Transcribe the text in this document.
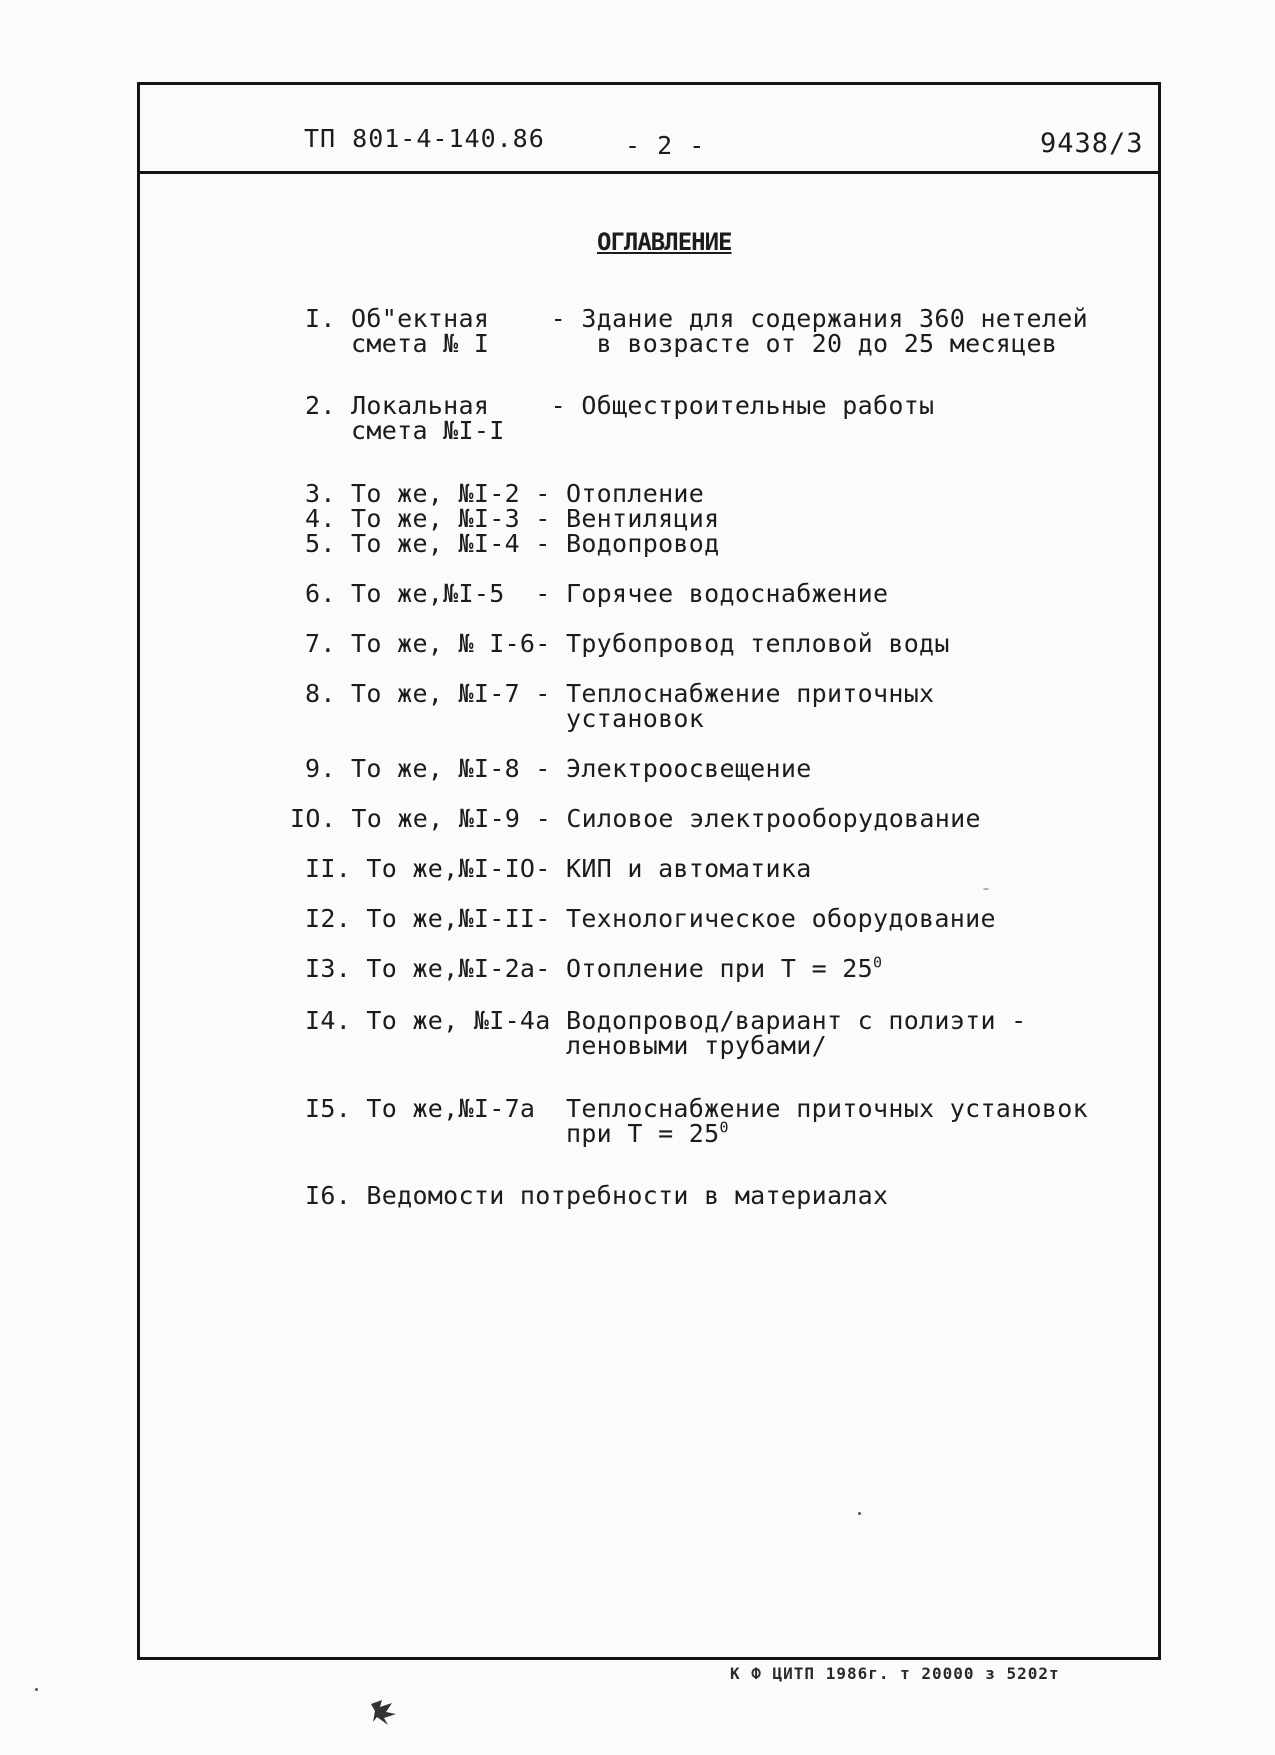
ТП 801-4-140.86	- 2 -	9438/3
ОГЛАВЛЕНИЕ
I. Об"ектная    - Здание для содержания 360 нетелей
смета № I       в возрасте от 20 до 25 месяцев
2. Локальная    - Общестроительные работы
смета №I-I
3. То же, №I-2 - Отопление
4. То же, №I-3 - Вентиляция
5. То же, №I-4 - Водопровод
6. То же,№I-5  - Горячее водоснабжение
7. То же, № I-6- Трубопровод тепловой воды
8. То же, №I-7 - Теплоснабжение приточных
установок
9. То же, №I-8 - Электроосвещение
IO. То же, №I-9 - Силовое электрооборудование
II. То же,№I-IO- КИП и автоматика
I2. То же,№I-II- Технологическое оборудование
I3. То же,№I-2а- Отопление при $Т = 25^0$
I4. То же, №I-4а Водопровод/вариант с полиэти -
леновыми трубами/
I5. То же,№I-7а  Теплоснабжение приточных установок
при $Т = 25^0$
I6. Ведомости потребности в материалах
К Ф ЦИТП 1986г. т 20000 з 5202т
